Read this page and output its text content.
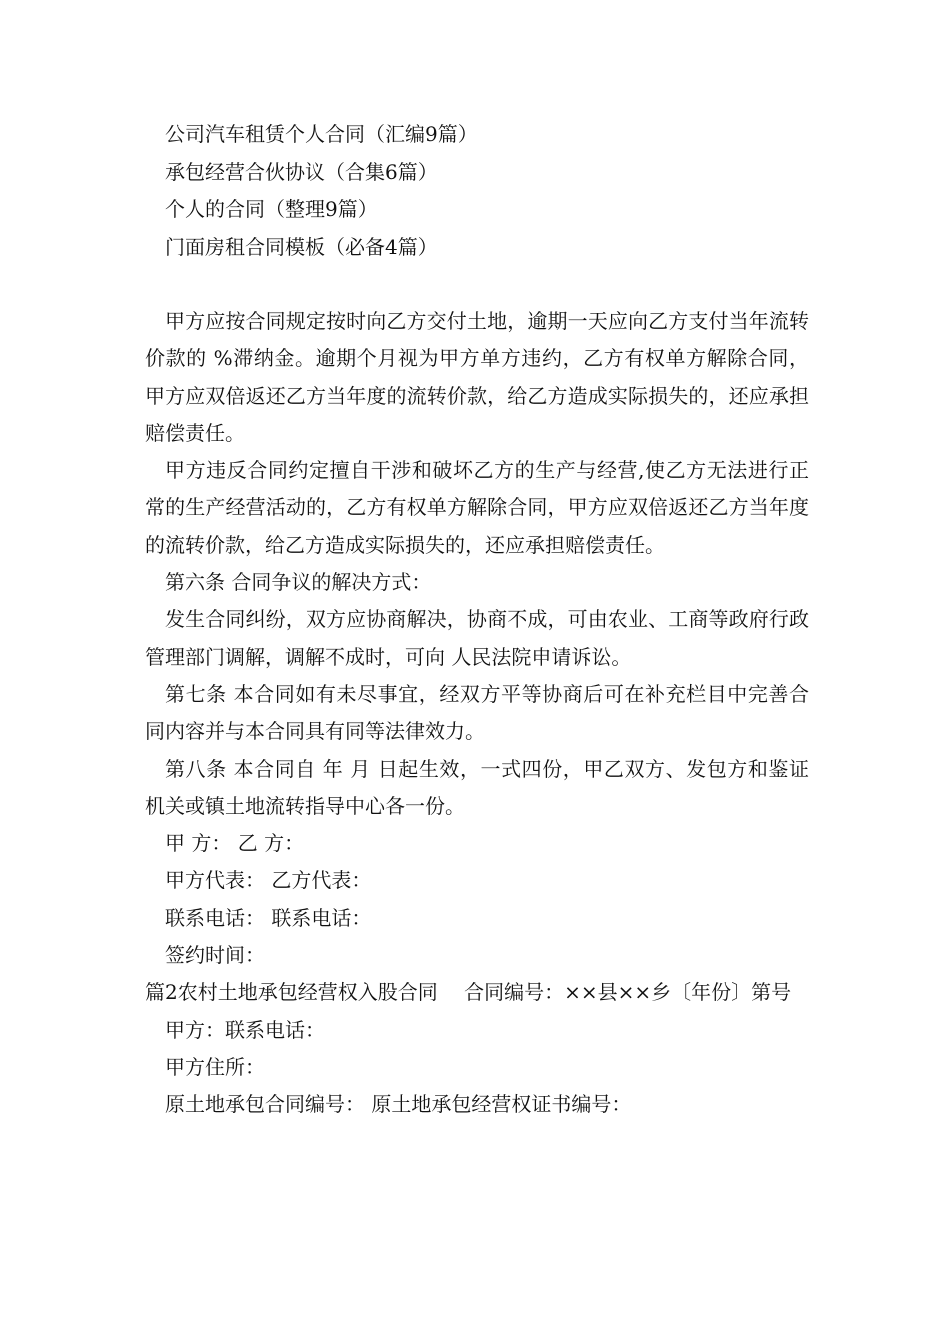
公司汽车租赁个人合同（汇编9篇）
承包经营合伙协议（合集6篇）
个人的合同（整理9篇）
门面房租合同模板（必备4篇）

甲方应按合同规定按时向乙方交付土地，逾期一天应向乙方支付当年流转价款的 %滞纳金。逾期个月视为甲方单方违约，乙方有权单方解除合同，甲方应双倍返还乙方当年度的流转价款，给乙方造成实际损失的，还应承担赔偿责任。

甲方违反合同约定擅自干涉和破坏乙方的生产与经营,使乙方无法进行正常的生产经营活动的，乙方有权单方解除合同，甲方应双倍返还乙方当年度的流转价款，给乙方造成实际损失的，还应承担赔偿责任。

第六条 合同争议的解决方式：

发生合同纠纷，双方应协商解决，协商不成，可由农业、工商等政府行政管理部门调解，调解不成时，可向 人民法院申请诉讼。

第七条 本合同如有未尽事宜，经双方平等协商后可在补充栏目中完善合同内容并与本合同具有同等法律效力。

第八条 本合同自 年 月 日起生效，一式四份，甲乙双方、发包方和鉴证机关或镇土地流转指导中心各一份。

甲 方： 乙 方：

甲方代表： 乙方代表：

联系电话： 联系电话：

签约时间：

篇2农村土地承包经营权入股合同　 合同编号：××县××乡〔年份〕第号

甲方：联系电话：

甲方住所：

原土地承包合同编号： 原土地承包经营权证书编号：
